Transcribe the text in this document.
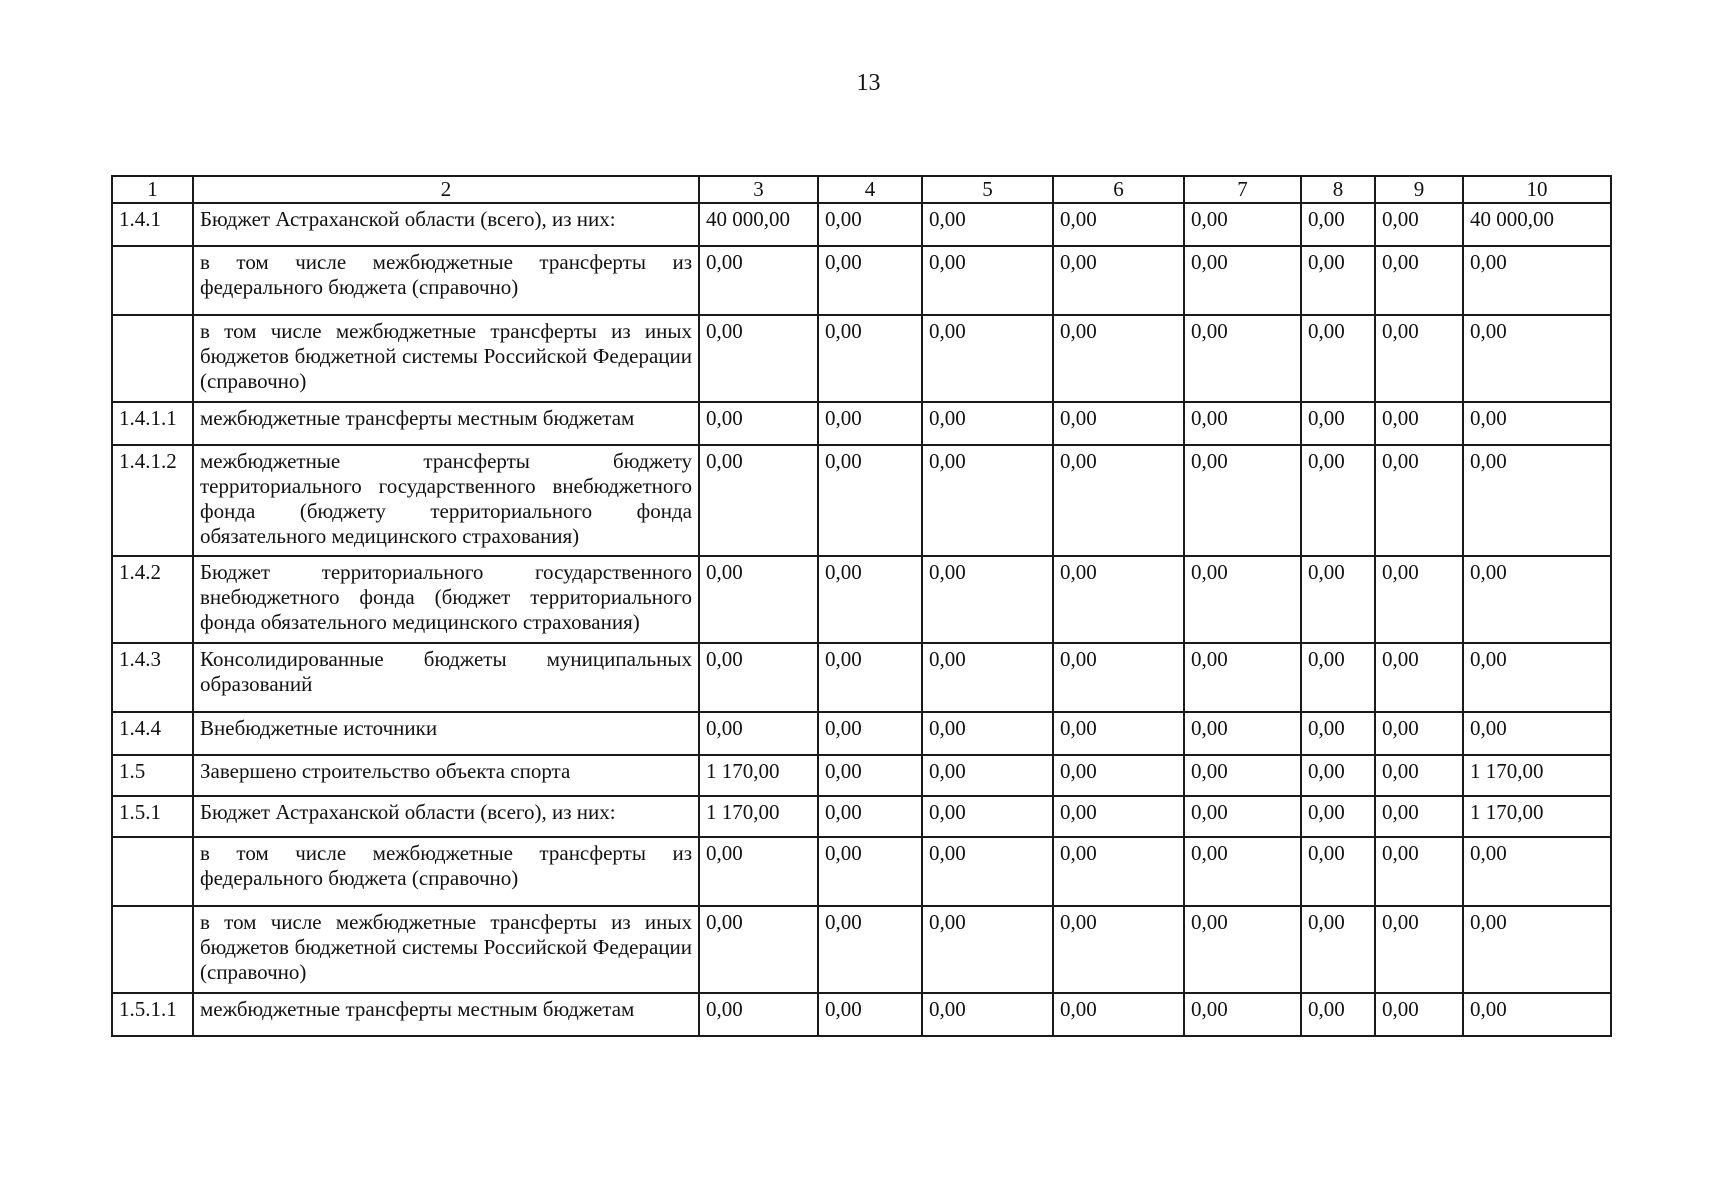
13
1	2	3	4	5	6	7	8	9	10
1.4.1	Бюджет Астраханской области (всего), из них:	40 000,00	0,00	0,00	0,00	0,00	0,00	0,00	40 000,00
	в том числе межбюджетные трансферты из федерального бюджета (справочно)	0,00	0,00	0,00	0,00	0,00	0,00	0,00	0,00
	в том числе межбюджетные трансферты из иных бюджетов бюджетной системы Российской Федерации (справочно)	0,00	0,00	0,00	0,00	0,00	0,00	0,00	0,00
1.4.1.1	межбюджетные трансферты местным бюджетам	0,00	0,00	0,00	0,00	0,00	0,00	0,00	0,00
1.4.1.2	межбюджетные трансферты бюджету территориального государственного внебюджетного фонда (бюджету территориального фонда обязательного медицинского страхования)	0,00	0,00	0,00	0,00	0,00	0,00	0,00	0,00
1.4.2	Бюджет территориального государственного внебюджетного фонда (бюджет территориального фонда обязательного медицинского страхования)	0,00	0,00	0,00	0,00	0,00	0,00	0,00	0,00
1.4.3	Консолидированные бюджеты муниципальных образований	0,00	0,00	0,00	0,00	0,00	0,00	0,00	0,00
1.4.4	Внебюджетные источники	0,00	0,00	0,00	0,00	0,00	0,00	0,00	0,00
1.5	Завершено строительство объекта спорта	1 170,00	0,00	0,00	0,00	0,00	0,00	0,00	1 170,00
1.5.1	Бюджет Астраханской области (всего), из них:	1 170,00	0,00	0,00	0,00	0,00	0,00	0,00	1 170,00
	в том числе межбюджетные трансферты из федерального бюджета (справочно)	0,00	0,00	0,00	0,00	0,00	0,00	0,00	0,00
	в том числе межбюджетные трансферты из иных бюджетов бюджетной системы Российской Федерации (справочно)	0,00	0,00	0,00	0,00	0,00	0,00	0,00	0,00
1.5.1.1	межбюджетные трансферты местным бюджетам	0,00	0,00	0,00	0,00	0,00	0,00	0,00	0,00
